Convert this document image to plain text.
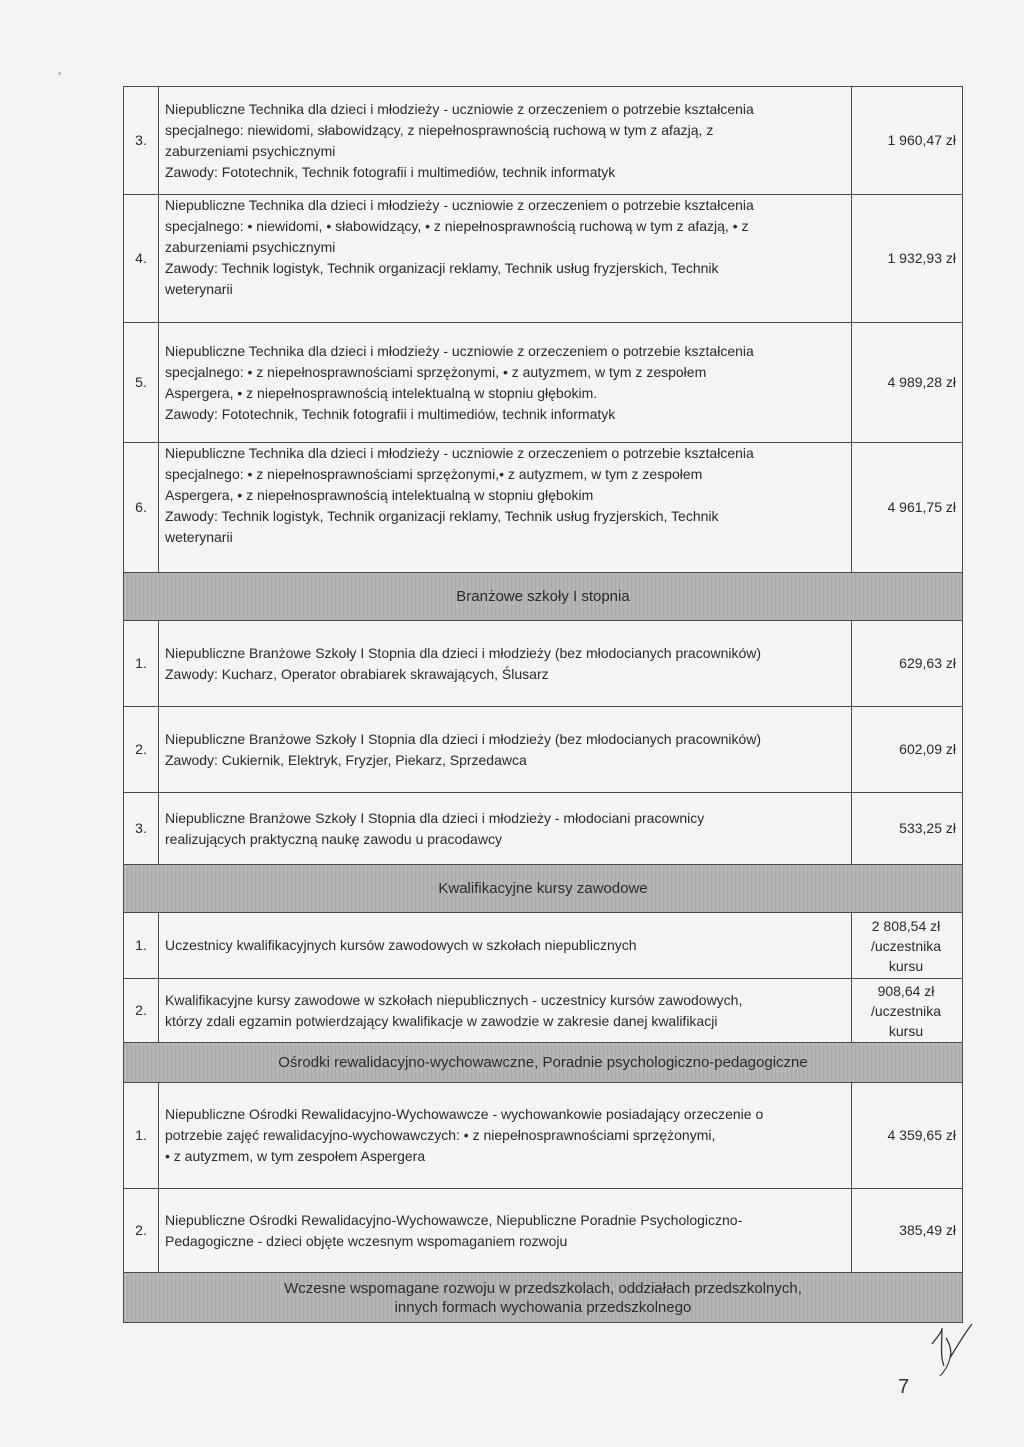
3.	Niepubliczne Technika dla dzieci i młodzieży - uczniowie z orzeczeniem o potrzebie kształcenia
specjalnego: niewidomi, słabowidzący, z niepełnosprawnością ruchową w tym z afazją, z
zaburzeniami psychicznymi
Zawody: Fototechnik, Technik fotografii i multimediów, technik informatyk	1 960,47 zł
4.	Niepubliczne Technika dla dzieci i młodzieży - uczniowie z orzeczeniem o potrzebie kształcenia
specjalnego: • niewidomi, • słabowidzący, • z niepełnosprawnością ruchową w tym z afazją, • z
zaburzeniami psychicznymi
Zawody: Technik logistyk, Technik organizacji reklamy, Technik usług fryzjerskich, Technik
weterynarii	1 932,93 zł
5.	Niepubliczne Technika dla dzieci i młodzieży - uczniowie z orzeczeniem o potrzebie kształcenia
specjalnego: • z niepełnosprawnościami sprzężonymi, • z autyzmem, w tym z zespołem
Aspergera, • z niepełnosprawnością intelektualną w stopniu głębokim.
Zawody: Fototechnik, Technik fotografii i multimediów, technik informatyk	4 989,28 zł
6.	Niepubliczne Technika dla dzieci i młodzieży - uczniowie z orzeczeniem o potrzebie kształcenia
specjalnego: • z niepełnosprawnościami sprzężonymi,• z autyzmem, w tym z zespołem
Aspergera, • z niepełnosprawnością intelektualną w stopniu głębokim
Zawody: Technik logistyk, Technik organizacji reklamy, Technik usług fryzjerskich, Technik
weterynarii	4 961,75 zł
Branżowe szkoły I stopnia		
1.	Niepubliczne Branżowe Szkoły I Stopnia dla dzieci i młodzieży (bez młodocianych pracowników)
Zawody: Kucharz, Operator obrabiarek skrawających, Ślusarz	629,63 zł
2.	Niepubliczne Branżowe Szkoły I Stopnia dla dzieci i młodzieży (bez młodocianych pracowników)
Zawody: Cukiernik, Elektryk, Fryzjer, Piekarz, Sprzedawca	602,09 zł
3.	Niepubliczne Branżowe Szkoły I Stopnia dla dzieci i młodzieży - młodociani pracownicy
realizujących praktyczną naukę zawodu u pracodawcy	533,25 zł
Kwalifikacyjne kursy zawodowe		
1.	Uczestnicy kwalifikacyjnych kursów zawodowych w szkołach niepublicznych	2 808,54 zł
/uczestnika
kursu
2.	Kwalifikacyjne kursy zawodowe w szkołach niepublicznych - uczestnicy kursów zawodowych,
którzy zdali egzamin potwierdzający kwalifikacje w zawodzie w zakresie danej kwalifikacji	908,64 zł
/uczestnika
kursu
Ośrodki rewalidacyjno-wychowawczne, Poradnie psychologiczno-pedagogiczne		
1.	Niepubliczne Ośrodki Rewalidacyjno-Wychowawcze - wychowankowie posiadający orzeczenie o
potrzebie zajęć rewalidacyjno-wychowawczych: • z niepełnosprawnościami sprzężonymi,
• z autyzmem, w tym zespołem Aspergera	4 359,65 zł
2.	Niepubliczne Ośrodki Rewalidacyjno-Wychowawcze, Niepubliczne Poradnie Psychologiczno-
Pedagogiczne - dzieci objęte wczesnym wspomaganiem rozwoju	385,49 zł

Wczesne wspomagane rozwoju w przedszkolach, oddziałach przedszkolnych,
innych formach wychowania przedszkolnego		
7
